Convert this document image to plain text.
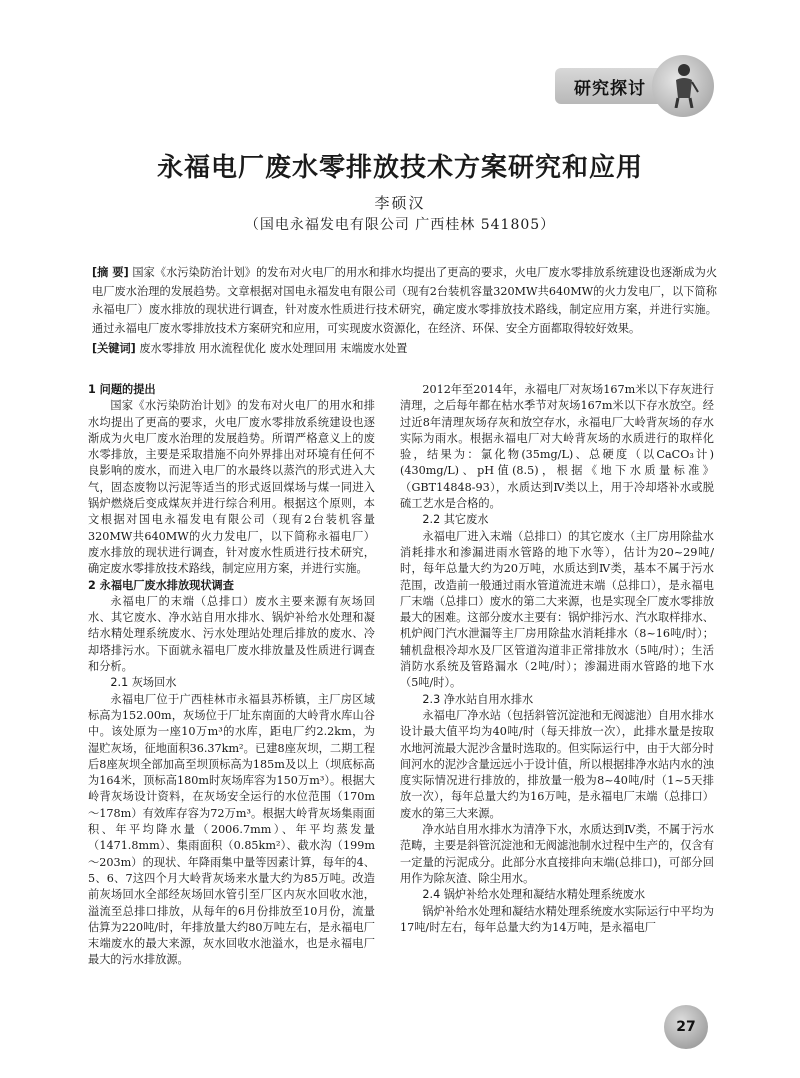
研究探讨
永福电厂废水零排放技术方案研究和应用
李硕汉
（国电永福发电有限公司 广西桂林 541805）
[摘 要] 国家《水污染防治计划》的发布对火电厂的用水和排水均提出了更高的要求，火电厂废水零排放系统建设也逐渐成为火电厂废水治理的发展趋势。文章根据对国电永福发电有限公司（现有2台装机容量320MW共640MW的火力发电厂，以下简称永福电厂）废水排放的现状进行调查，针对废水性质进行技术研究，确定废水零排放技术路线，制定应用方案，并进行实施。通过永福电厂废水零排放技术方案研究和应用，可实现废水资源化，在经济、环保、安全方面都取得较好效果。
[关键词] 废水零排放 用水流程优化 废水处理回用 末端废水处置
1 问题的提出

国家《水污染防治计划》的发布对火电厂的用水和排水均提出了更高的要求，火电厂废水零排放系统建设也逐渐成为火电厂废水治理的发展趋势。所谓严格意义上的废水零排放，主要是采取措施不向外界排出对环境有任何不良影响的废水，而进入电厂的水最终以蒸汽的形式进入大气，固态废物以污泥等适当的形式返回煤场与煤一同进入锅炉燃烧后变成煤灰并进行综合利用。根据这个原则，本文根据对国电永福发电有限公司（现有2台装机容量320MW共640MW的火力发电厂，以下简称永福电厂）废水排放的现状进行调查，针对废水性质进行技术研究，确定废水零排放技术路线，制定应用方案，并进行实施。

2 永福电厂废水排放现状调查

永福电厂的末端（总排口）废水主要来源有灰场回水、其它废水、净水站自用水排水、锅炉补给水处理和凝结水精处理系统废水、污水处理站处理后排放的废水、冷却塔排污水。下面就永福电厂废水排放量及性质进行调查和分析。

2.1 灰场回水

永福电厂位于广西桂林市永福县苏桥镇，主厂房区域标高为152.00m，灰场位于厂址东南面的大岭背水库山谷中。该处原为一座10万m³的水库，距电厂约2.2km，为湿贮灰场，征地面积36.37km²。已建8座灰坝，二期工程后8座灰坝全部加高至坝顶标高为185m及以上（坝底标高为164米，顶标高180m时灰场库容为150万m³）。根据大岭背灰场设计资料，在灰场安全运行的水位范围（170m～178m）有效库存容为72万m³。根据大岭背灰场集雨面积、年平均降水量（2006.7mm）、年平均蒸发量（1471.8mm）、集雨面积（0.85km²）、截水沟（199m～203m）的现状、年降雨集中量等因素计算，每年的4、5、6、7这四个月大岭背灰场来水量大约为85万吨。改造前灰场回水全部经灰场回水管引至厂区内灰水回收水池，溢流至总排口排放，从每年的6月份排放至10月份，流量估算为220吨/时，年排放量大约80万吨左右，是永福电厂末端废水的最大来源，灰水回收水池溢水，也是永福电厂最大的污水排放源。

2012年至2014年，永福电厂对灰场167m米以下存灰进行清理，之后每年都在枯水季节对灰场167m米以下存水放空。经过近8年清理灰场存灰和放空存水，永福电厂大岭背灰场的存水实际为雨水。根据永福电厂对大岭背灰场的水质进行的取样化验，结果为：氯化物(35mg/L)、总硬度（以CaCO₃计)(430mg/L)、pH值(8.5)，根据《地下水质量标准》（GBT14848-93），水质达到Ⅳ类以上，用于冷却塔补水或脱硫工艺水是合格的。

2.2 其它废水

永福电厂进入末端（总排口）的其它废水（主厂房用除盐水消耗排水和渗漏进雨水管路的地下水等），估计为20~29吨/时，每年总量大约为20万吨，水质达到Ⅳ类，基本不属于污水范围，改造前一般通过雨水管道流进末端（总排口），是永福电厂末端（总排口）废水的第二大来源，也是实现全厂废水零排放最大的困难。这部分废水主要有：锅炉排污水、汽水取样排水、机炉阀门汽水泄漏等主厂房用除盐水消耗排水（8~16吨/时）；辅机盘根冷却水及厂区管道沟道非正常排放水（5吨/时）；生活消防水系统及管路漏水（2吨/时）；渗漏进雨水管路的地下水（5吨/时）。

2.3 净水站自用水排水

永福电厂净水站（包括斜管沉淀池和无阀滤池）自用水排水设计最大值平均为40吨/时（每天排放一次），此排水量是按取水地河流最大泥沙含量时选取的。但实际运行中，由于大部分时间河水的泥沙含量远远小于设计值，所以根据排净水站内水的浊度实际情况进行排放的，排放量一般为8~40吨/时（1~5天排放一次），每年总量大约为16万吨，是永福电厂末端（总排口）废水的第三大来源。

净水站自用水排水为清净下水，水质达到Ⅳ类，不属于污水范畴，主要是斜管沉淀池和无阀滤池制水过程中生产的，仅含有一定量的污泥成分。此部分水直接排向末端(总排口)，可部分回用作为除灰渣、除尘用水。

2.4 锅炉补给水处理和凝结水精处理系统废水

锅炉补给水处理和凝结水精处理系统废水实际运行中平均为17吨/时左右，每年总量大约为14万吨，是永福电厂

27
